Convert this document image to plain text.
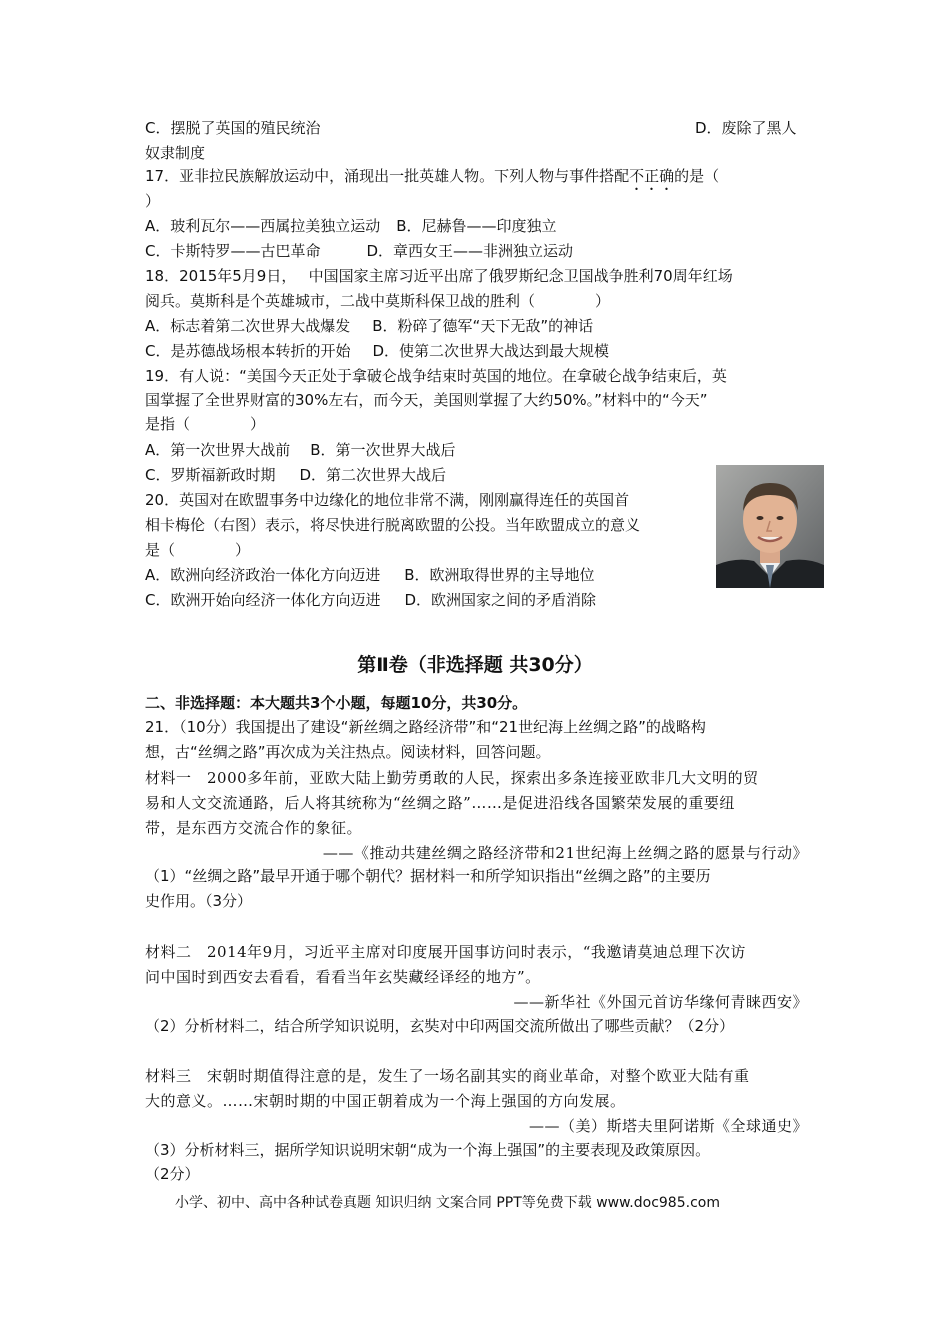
C．摆脱了英国的殖民统治	D．废除了黑人
奴隶制度
17．亚非拉民族解放运动中，涌现出一批英雄人物。下列人物与事件搭配不正确的是（
）
A．玻利瓦尔——西属拉美独立运动 B．尼赫鲁——印度独立
C．卡斯特罗——古巴革命	D．章西女王——非洲独立运动
18．2015年5月9日，　 中国国家主席习近平出席了俄罗斯纪念卫国战争胜利70周年红场
阅兵。莫斯科是个英雄城市，二战中莫斯科保卫战的胜利（　　　　）
A．标志着第二次世界大战爆发 B．粉碎了德军“天下无敌”的神话
C．是苏德战场根本转折的开始 D．使第二次世界大战达到最大规模
19．有人说：“美国今天正处于拿破仑战争结束时英国的地位。在拿破仑战争结束后，英
国掌握了全世界财富的30%左右，而今天，美国则掌握了大约50%。”材料中的“今天”
是指（　　　　）
A．第一次世界大战前 B．第一次世界大战后
C．罗斯福新政时期 D．第二次世界大战后
20．英国对在欧盟事务中边缘化的地位非常不满，刚刚赢得连任的英国首
相卡梅伦（右图）表示，将尽快进行脱离欧盟的公投。当年欧盟成立的意义
是（　　　　）
A．欧洲向经济政治一体化方向迈进 B．欧洲取得世界的主导地位
C．欧洲开始向经济一体化方向迈进 D．欧洲国家之间的矛盾消除
第Ⅱ卷（非选择题 共30分）
二、非选择题：本大题共3个小题，每题10分，共30分。
21．（10分）我国提出了建设“新丝绸之路经济带”和“21世纪海上丝绸之路”的战略构
想，古“丝绸之路”再次成为关注热点。阅读材料，回答问题。
材料一　2000多年前，亚欧大陆上勤劳勇敢的人民，探索出多条连接亚欧非几大文明的贸
易和人文交流通路，后人将其统称为“丝绸之路”……是促进沿线各国繁荣发展的重要纽
带，是东西方交流合作的象征。
——《推动共建丝绸之路经济带和21世纪海上丝绸之路的愿景与行动》
（1）“丝绸之路”最早开通于哪个朝代？据材料一和所学知识指出“丝绸之路”的主要历
史作用。（3分）
材料二　2014年9月，习近平主席对印度展开国事访问时表示，“我邀请莫迪总理下次访
问中国时到西安去看看，看看当年玄奘藏经译经的地方”。
——新华社《外国元首访华缘何青睐西安》
（2）分析材料二，结合所学知识说明，玄奘对中印两国交流所做出了哪些贡献？（2分）
材料三　宋朝时期值得注意的是，发生了一场名副其实的商业革命，对整个欧亚大陆有重
大的意义。……宋朝时期的中国正朝着成为一个海上强国的方向发展。
——（美）斯塔夫里阿诺斯《全球通史》
（3）分析材料三，据所学知识说明宋朝“成为一个海上强国”的主要表现及政策原因。
（2分）
小学、初中、高中各种试卷真题 知识归纳 文案合同 PPT等免费下载 www.doc985.com
